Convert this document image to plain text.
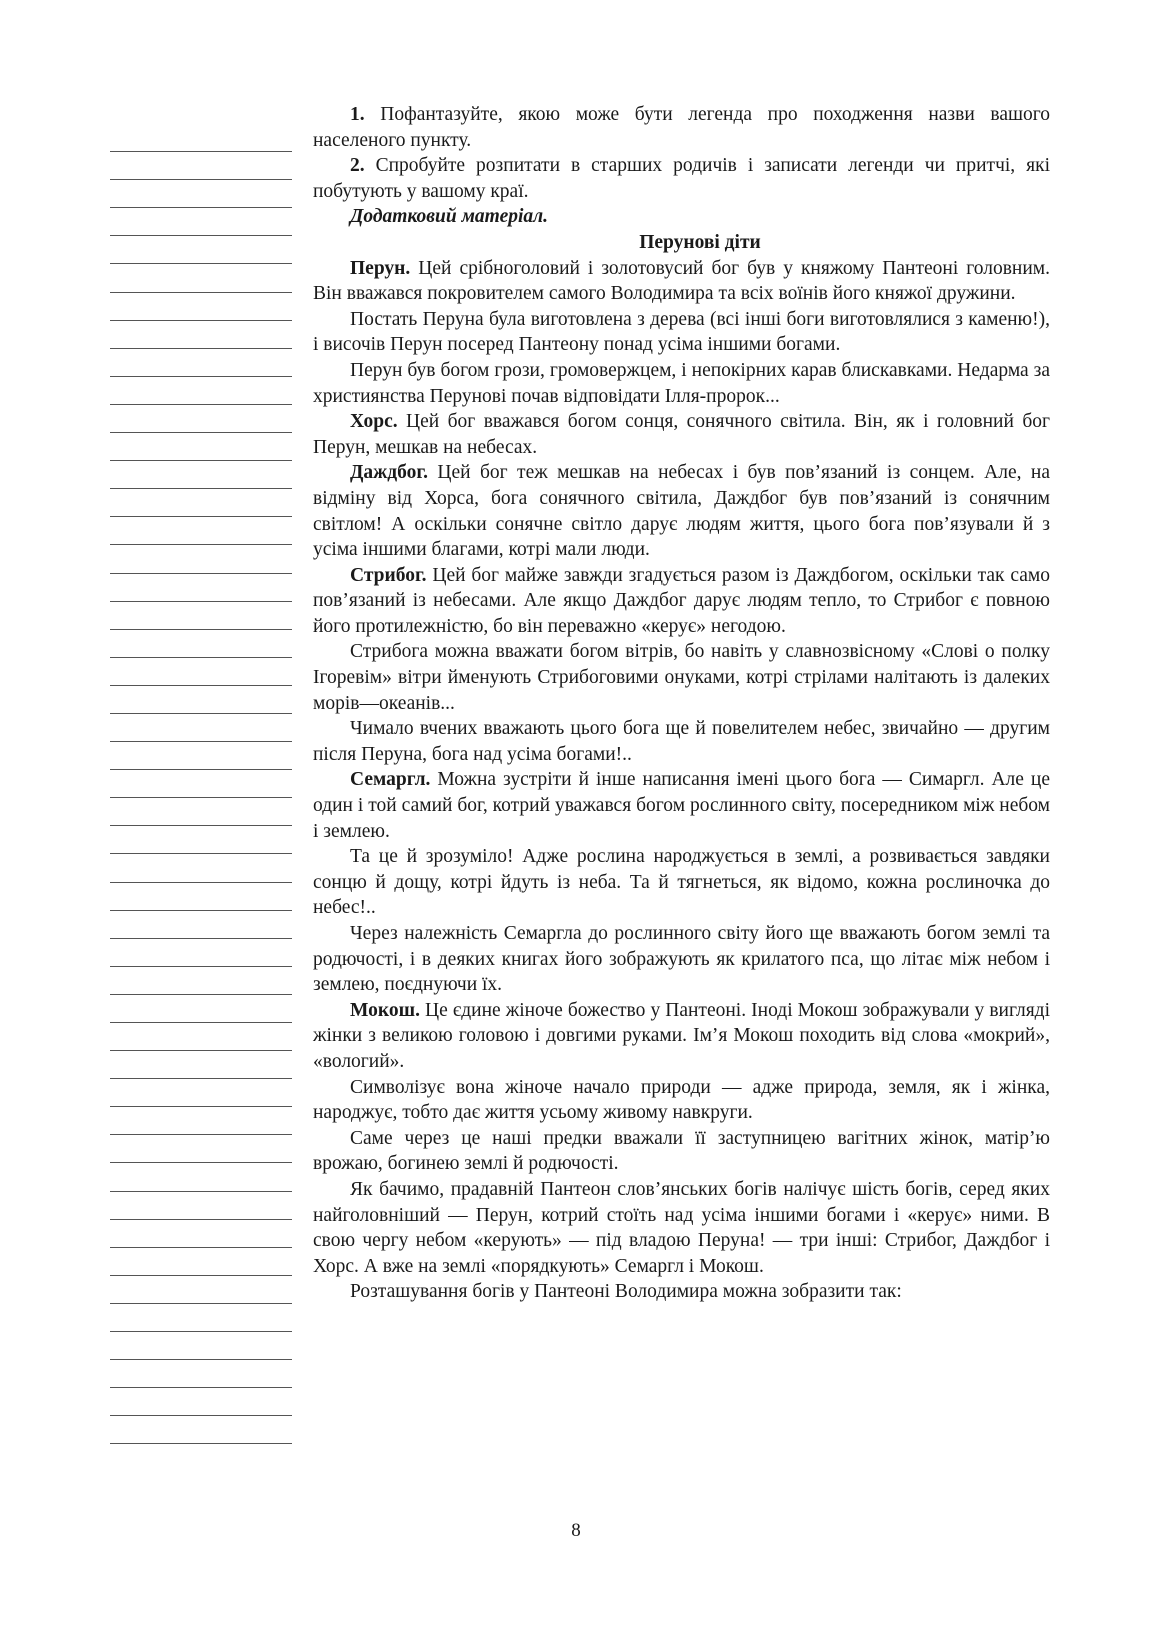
1. Пофантазуйте, якою може бути легенда про походження назви вашого населеного пункту.

2. Спробуйте розпитати в старших родичів і записати легенди чи притчі, які побутують у вашому краї.

Додатковий матеріал.

Перунові діти

Перун. Цей срібноголовий і золотовусий бог був у княжому Пантеоні головним. Він вважався покровителем самого Володимира та всіх воїнів його княжої дружини.

Постать Перуна була виготовлена з дерева (всі інші боги виготовлялися з каменю!), і височів Перун посеред Пантеону понад усіма іншими богами.

Перун був богом грози, громовержцем, і непокірних карав блискавками. Недарма за християнства Перунові почав відповідати Ілля-пророк...

Хорс. Цей бог вважався богом сонця, сонячного світила. Він, як і головний бог Перун, мешкав на небесах.

Даждбог. Цей бог теж мешкав на небесах і був пов’язаний із сонцем. Але, на відміну від Хорса, бога сонячного світила, Даждбог був пов’язаний із сонячним світлом! А оскільки сонячне світло дарує людям життя, цього бога пов’язували й з усіма іншими благами, котрі мали люди.

Стрибог. Цей бог майже завжди згадується разом із Даждбогом, оскільки так само пов’язаний із небесами. Але якщо Даждбог дарує людям тепло, то Стрибог є повною його протилежністю, бо він переважно «керує» негодою.

Стрибога можна вважати богом вітрів, бо навіть у славнозвісному «Слові о полку Ігоревім» вітри йменують Стрибоговими онуками, котрі стрілами налітають із далеких морів—океанів...

Чимало вчених вважають цього бога ще й повелителем небес, звичайно — другим після Перуна, бога над усіма богами!..

Семаргл. Можна зустріти й інше написання імені цього бога — Симаргл. Але це один і той самий бог, котрий уважався богом рослинного світу, посередником між небом і землею.

Та це й зрозуміло! Адже рослина народжується в землі, а розвивається завдяки сонцю й дощу, котрі йдуть із неба. Та й тягнеться, як відомо, кожна рослиночка до небес!..

Через належність Семаргла до рослинного світу його ще вважають богом землі та родючості, і в деяких книгах його зображують як крилатого пса, що літає між небом і землею, поєднуючи їх.

Мокош. Це єдине жіноче божество у Пантеоні. Іноді Мокош зображували у вигляді жінки з великою головою і довгими руками. Ім’я Мокош походить від слова «мокрий», «вологий».

Символізує вона жіноче начало природи — адже природа, земля, як і жінка, народжує, тобто дає життя усьому живому навкруги.

Саме через це наші предки вважали її заступницею вагітних жінок, матір’ю врожаю, богинею землі й родючості.

Як бачимо, прадавній Пантеон слов’янських богів налічує шість богів, серед яких найголовніший — Перун, котрий стоїть над усіма іншими богами і «керує» ними. В свою чергу небом «керують» — під владою Перуна! — три інші: Стрибог, Даждбог і Хорс. А вже на землі «порядкують» Семаргл і Мокош.

Розташування богів у Пантеоні Володимира можна зобразити так:

8
